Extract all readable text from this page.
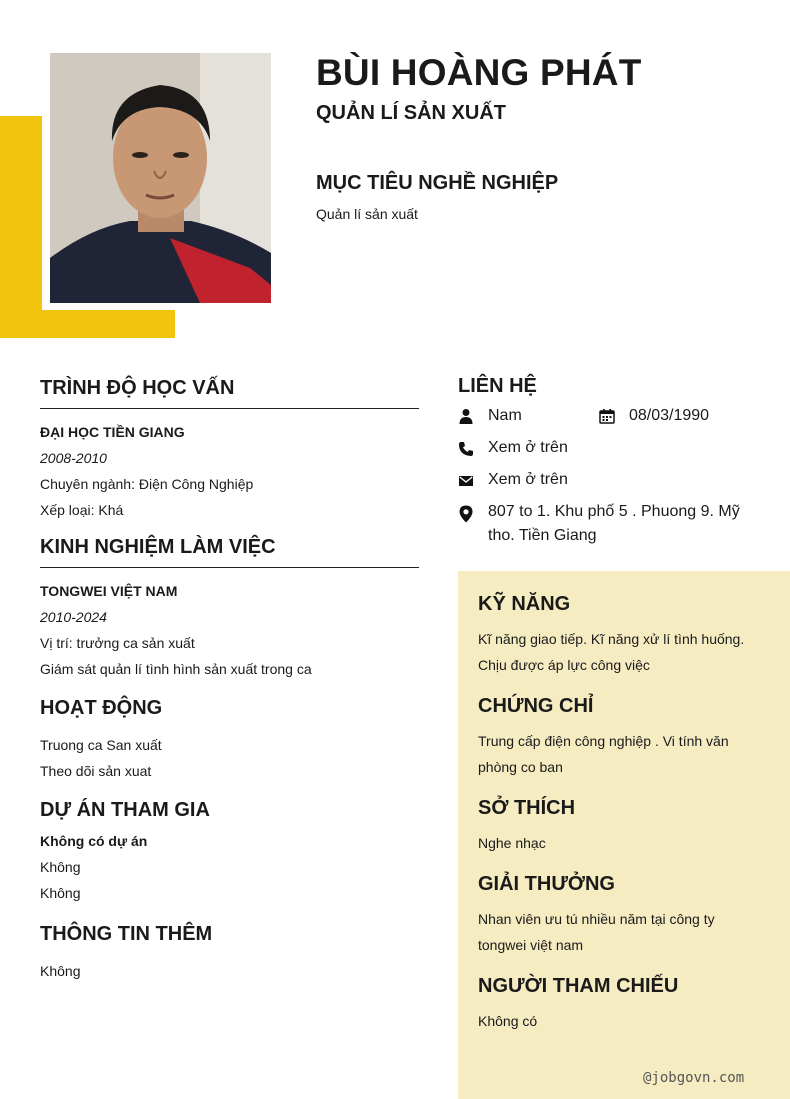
BÙI HOÀNG PHÁT
QUẢN LÍ SẢN XUẤT
MỤC TIÊU NGHỀ NGHIỆP

Quản lí sản xuất

TRÌNH ĐỘ HỌC VẤN

ĐẠI HỌC TIỀN GIANG

2008-2010

Chuyên ngành: Điện Công Nghiệp

Xếp loại: Khá

KINH NGHIỆM LÀM VIỆC

TONGWEI VIỆT NAM

2010-2024

Vị trí: trưởng ca sản xuất

Giám sát quản lí tình hình sản xuất trong ca

HOẠT ĐỘNG

Truong ca San xuất

Theo dõi sản xuat

DỰ ÁN THAM GIA

Không có dự án

Không

Không

THÔNG TIN THÊM

Không

LIÊN HỆ
Nam	08/03/1990
Xem ở trên
Xem ở trên
807 to 1. Khu phố 5 . Phuong 9. Mỹ
tho. Tiền Giang
KỸ NĂNG

Kĩ năng giao tiếp. Kĩ năng xử lí tình huống.

Chịu được áp lực công việc

CHỨNG CHỈ

Trung cấp điện công nghiệp . Vi tính văn

phòng co ban

SỞ THÍCH

Nghe nhạc

GIẢI THƯỞNG

Nhan viên ưu tú nhiều năm tại công ty

tongwei việt nam

NGƯỜI THAM CHIẾU

Không có

@jobgovn.com
